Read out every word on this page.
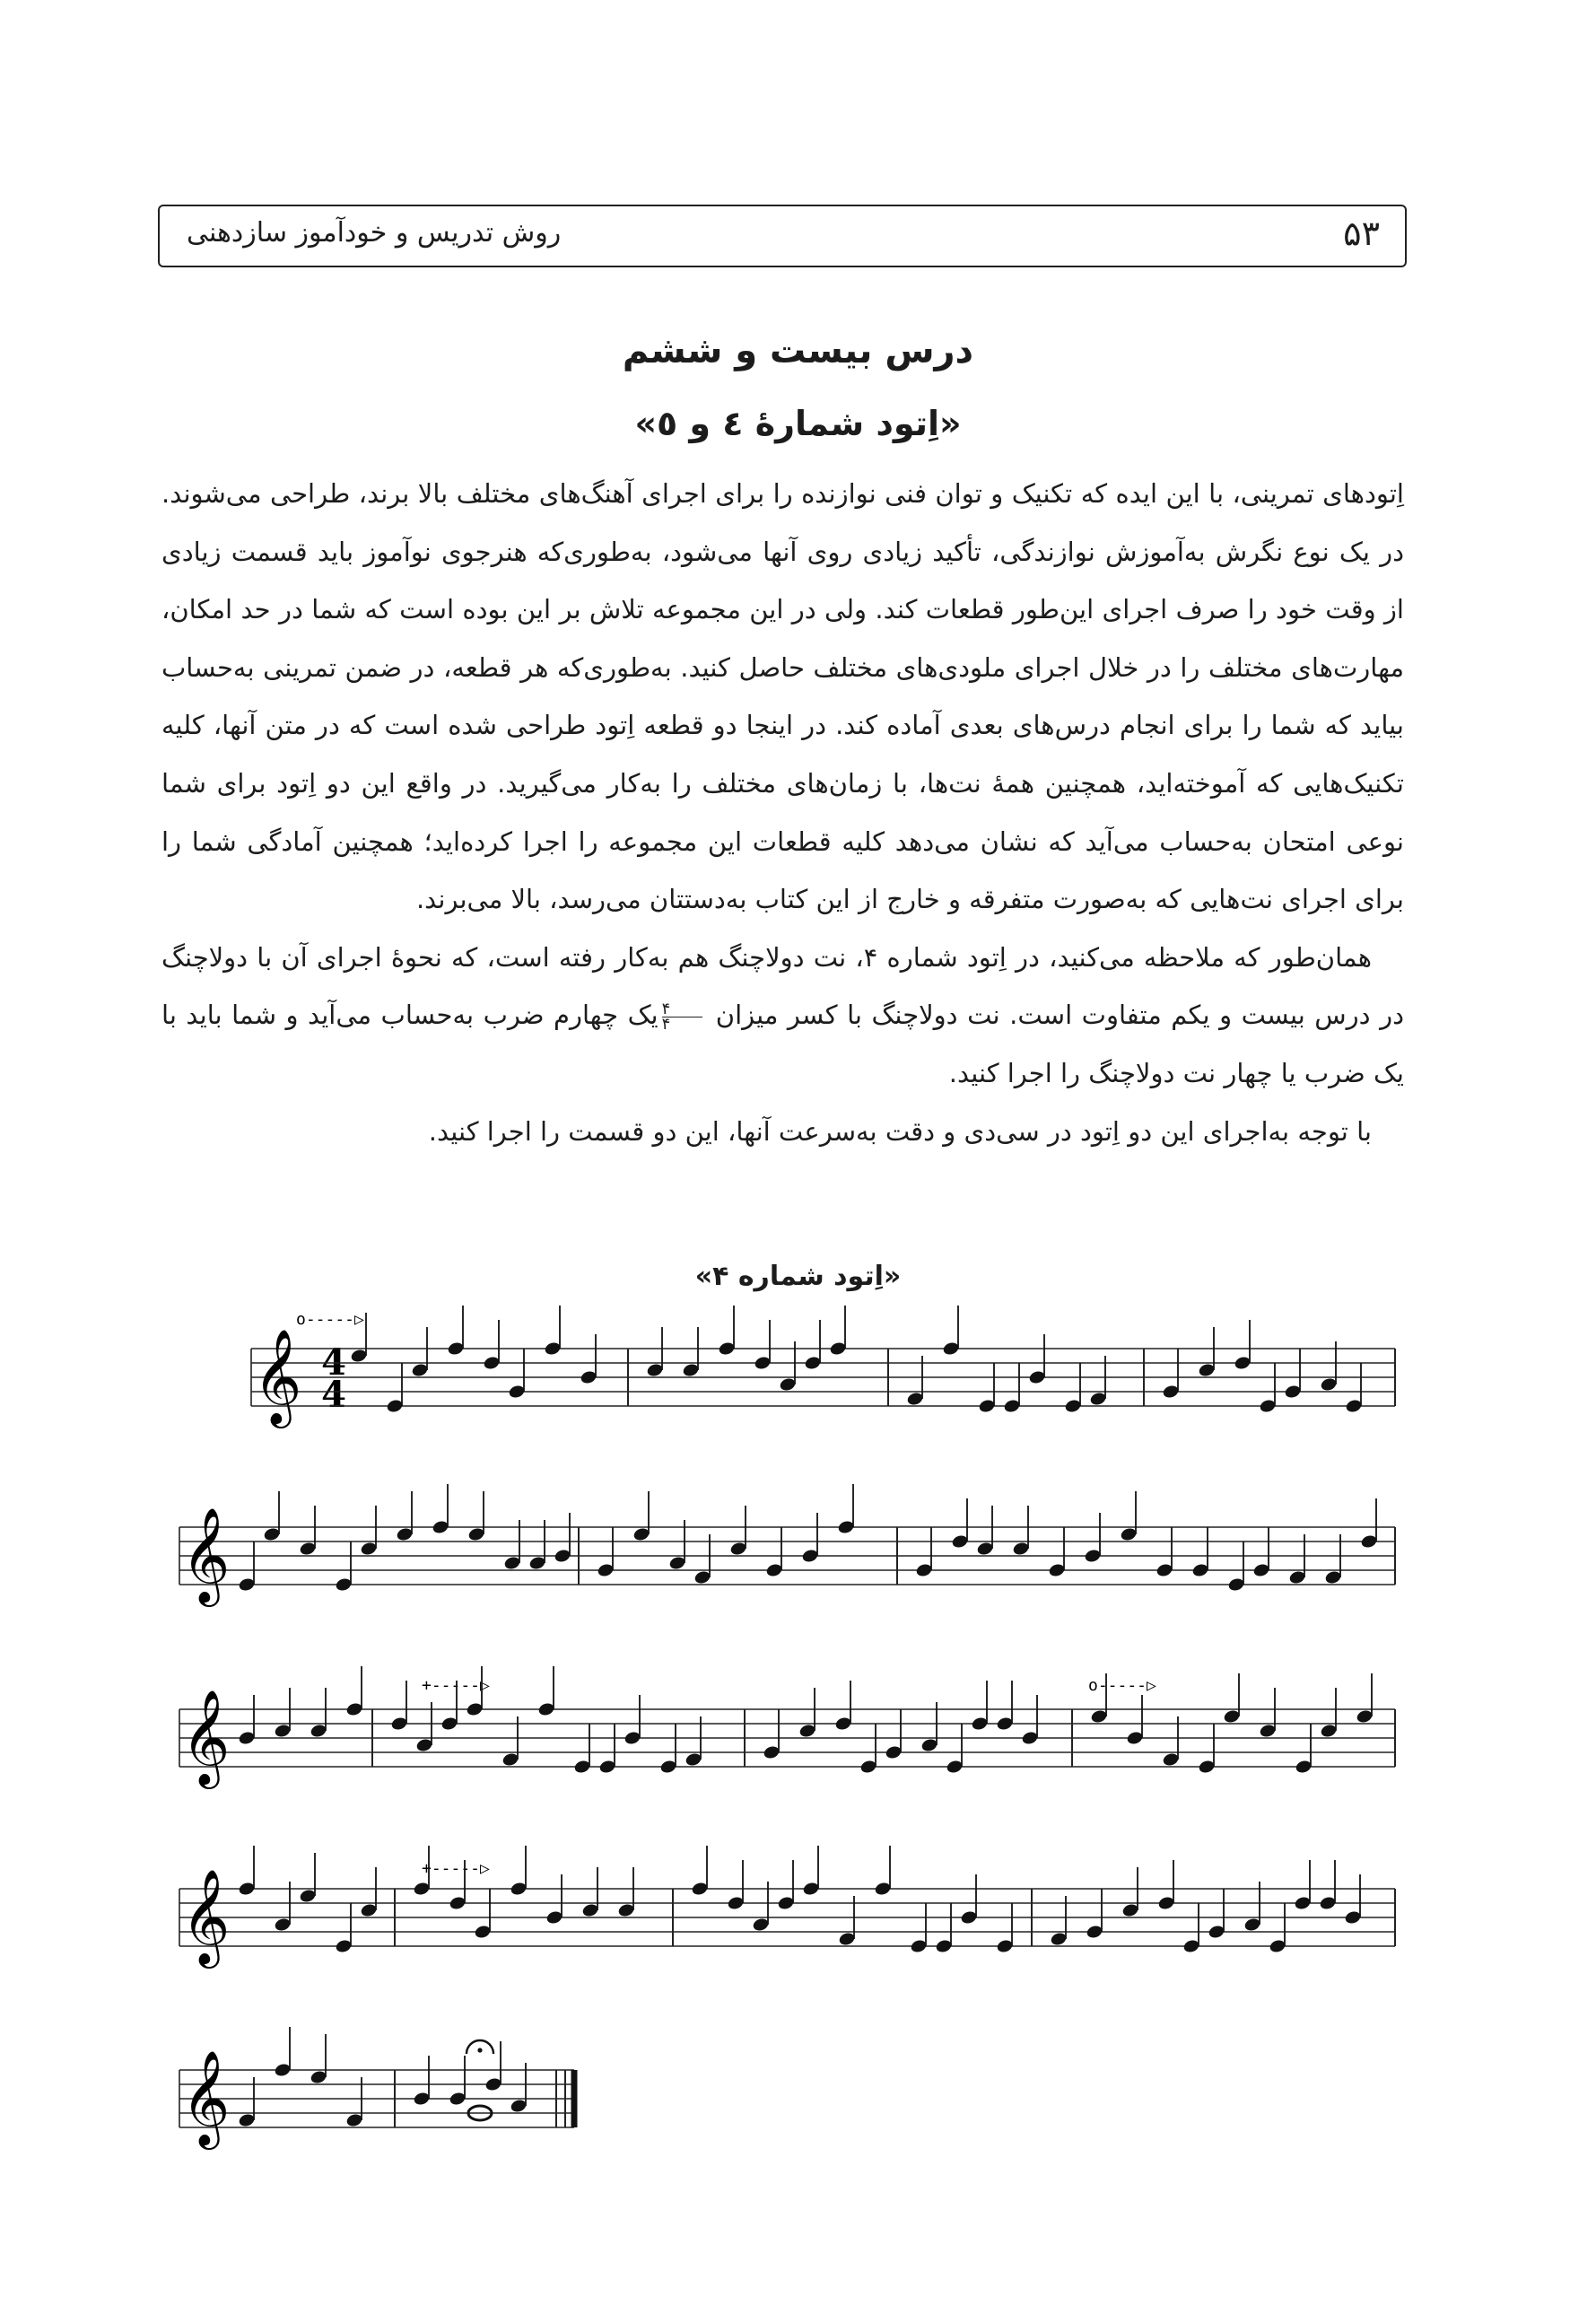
۵۳
روش تدریس و خودآموز سازدهنی
درس بیست و ششم
«اِتود شمارهٔ ٤ و ٥»

اِتودهای تمرینی، با این ایده که تکنیک و توان فنی نوازنده را برای اجرای آهنگ‌های مختلف بالا برند، طراحی می‌شوند. در یک نوع نگرش به‌آموزش نوازندگی، تأکید زیادی روی آنها می‌شود، به‌طوری‌که هنرجوی نوآموز باید قسمت زیادی از وقت خود را صرف اجرای این‌طور قطعات کند. ولی در این مجموعه تلاش بر این بوده است که شما در حد امکان، مهارت‌های مختلف را در خلال اجرای ملودی‌های مختلف حاصل کنید. به‌طوری‌که هر قطعه، در ضمن تمرینی به‌حساب بیاید که شما را برای انجام درس‌های بعدی آماده کند. در اینجا دو قطعه اِتود طراحی شده است که در متن آنها، کلیه تکنیک‌هایی که آموخته‌اید، همچنین همهٔ نت‌ها، با زمان‌های مختلف را به‌کار می‌گیرید. در واقع این دو اِتود برای شما نوعی امتحان به‌حساب می‌آید که نشان می‌دهد کلیه قطعات این مجموعه را اجرا کرده‌اید؛ همچنین آمادگی شما را برای اجرای نت‌هایی که به‌صورت متفرقه و خارج از این کتاب به‌دستتان می‌رسد، بالا می‌برند.

همان‌طور که ملاحظه می‌کنید، در اِتود شماره ۴، نت دولاچنگ هم به‌کار رفته است، که نحوهٔ اجرای آن با دولاچنگ در درس بیست و یکم متفاوت است. نت دولاچنگ با کسر میزان
$\frac{۴}{۴}$
یک چهارم ضرب به‌حساب می‌آید و شما باید با یک ضرب یا چهار نت دولاچنگ را اجرا کنید.

با توجه به‌اجرای این دو اِتود در سی‌دی و دقت به‌سرعت آنها، این دو قسمت را اجرا کنید.

«اِتود شماره ۴»
4
4
o-----▷
+-----▷	o-----▷
+-----▷
𝄞
𝄞
𝄞
𝄞
𝄞
